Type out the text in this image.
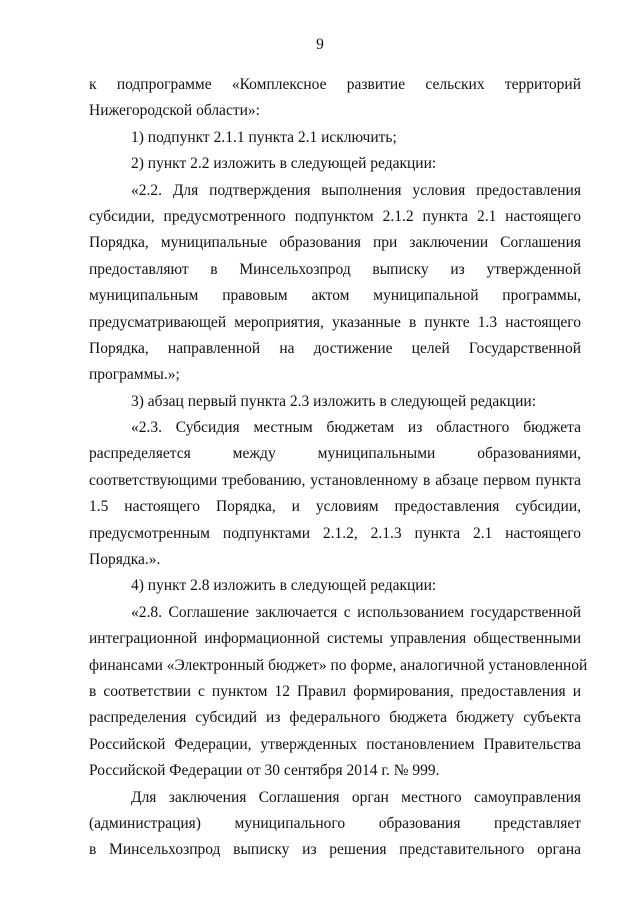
9
к подпрограмме «Комплексное развитие сельских территорий
Нижегородской области»:
1) подпункт 2.1.1 пункта 2.1 исключить;
2) пункт 2.2 изложить в следующей редакции:
«2.2. Для подтверждения выполнения условия предоставления
субсидии, предусмотренного подпунктом 2.1.2 пункта 2.1 настоящего
Порядка, муниципальные образования при заключении Соглашения
предоставляют в Минсельхозпрод выписку из утвержденной
муниципальным правовым актом муниципальной программы,
предусматривающей мероприятия, указанные в пункте 1.3 настоящего
Порядка, направленной на достижение целей Государственной
программы.»;
3) абзац первый пункта 2.3 изложить в следующей редакции:
«2.3. Субсидия местным бюджетам из областного бюджета
распределяется между муниципальными образованиями,
соответствующими требованию, установленному в абзаце первом пункта
1.5 настоящего Порядка, и условиям предоставления субсидии,
предусмотренным подпунктами 2.1.2, 2.1.3 пункта 2.1 настоящего
Порядка.».
4) пункт 2.8 изложить в следующей редакции:
«2.8. Соглашение заключается с использованием государственной
интеграционной информационной системы управления общественными
финансами «Электронный бюджет» по форме, аналогичной установленной
в соответствии с пунктом 12 Правил формирования, предоставления и
распределения субсидий из федерального бюджета бюджету субъекта
Российской Федерации, утвержденных постановлением Правительства
Российской Федерации от 30 сентября 2014 г. № 999.
Для заключения Соглашения орган местного самоуправления
(администрация) муниципального образования представляет
в Минсельхозпрод выписку из решения представительного органа
